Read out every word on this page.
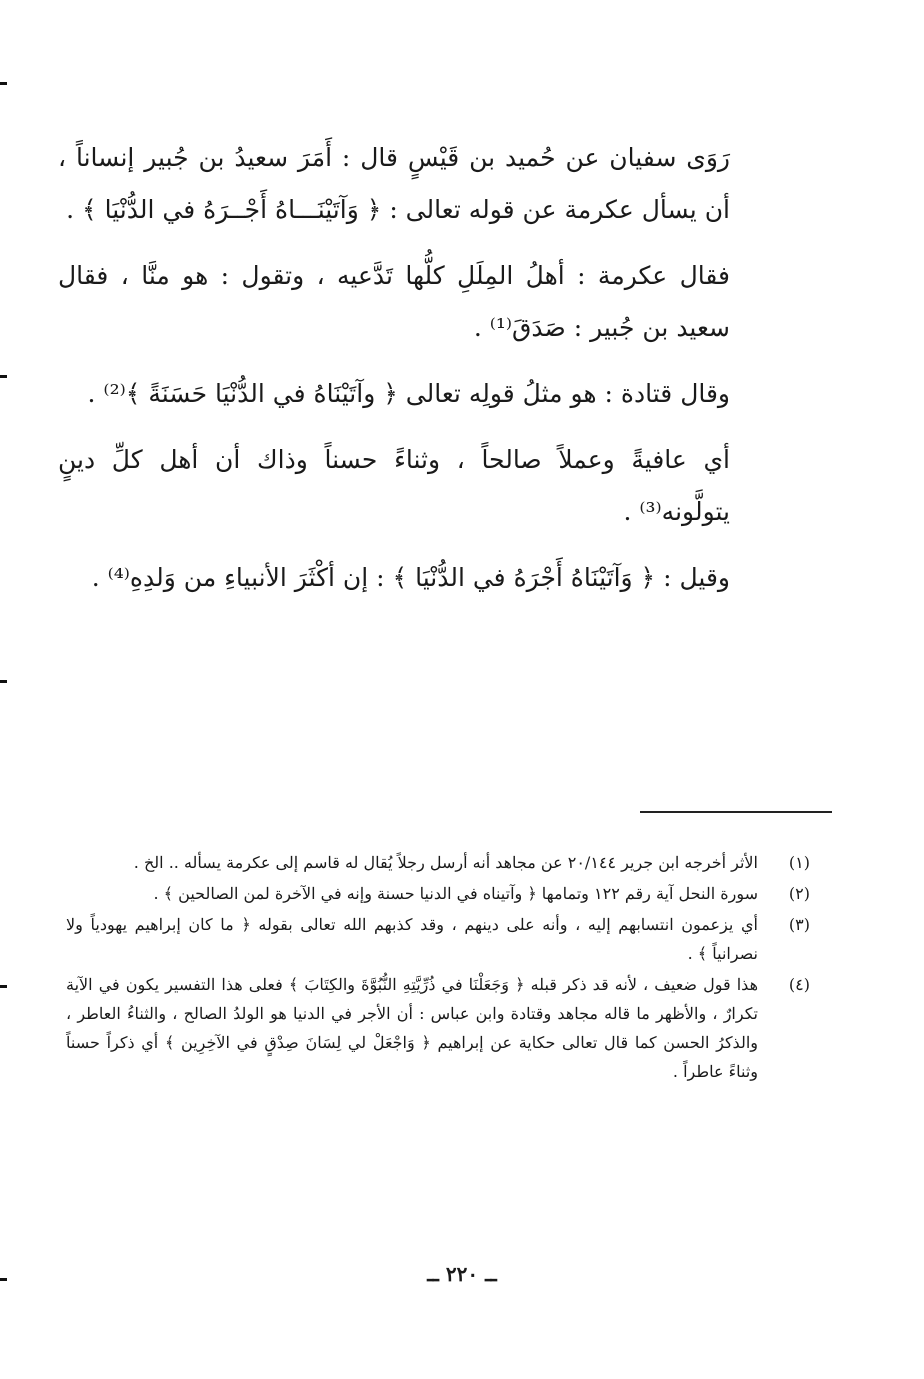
رَوَى سفيان عن حُميد بن قَيْسٍ قال : أَمَرَ سعيدُ بن جُبير إنساناً ، أن يسأل عكرمة عن قوله تعالى : ﴿ وَآتَيْنَـــاهُ أَجْــرَهُ في الدُّنْيَا ﴾ .

فقال عكرمة : أهلُ المِلَلِ كلُّها تَدَّعيه ، وتقول : هو منَّا ، فقال سعيد بن جُبير : صَدَقَ⁽¹⁾ .

وقال قتادة : هو مثلُ قولِه تعالى ﴿ وآتَيْنَاهُ في الدُّنْيَا حَسَنَةً ﴾⁽²⁾ .

أي عافيةً وعملاً صالحاً ، وثناءً حسناً وذاك أن أهل كلِّ دينٍ يتولَّونه⁽³⁾ .

وقيل : ﴿ وَآتَيْنَاهُ أَجْرَهُ في الدُّنْيَا ﴾ : إن أكْثَرَ الأنبياءِ من وَلدِهِ⁽⁴⁾ .

(١)
الأثر أخرجه ابن جرير ٢٠/١٤٤ عن مجاهد أنه أرسل رجلاً يُقال له قاسم إلى عكرمة يسأله .. الخ .
(٢)
سورة النحل آية رقم ١٢٢ وتمامها ﴿ وآتيناه في الدنيا حسنة وإنه في الآخرة لمن الصالحين ﴾ .
(٣)
أي يزعمون انتسابهم إليه ، وأنه على دينهم ، وقد كذبهم الله تعالى بقوله ﴿ ما كان إبراهيم يهودياً ولا نصرانياً ﴾ .
(٤)
هذا قول ضعيف ، لأنه قد ذكر قبله ﴿ وَجَعَلْنَا في ذُرِّيَّتِهِ النُّبُوَّةَ والكِتَابَ ﴾ فعلى هذا التفسير يكون في الآية تكرارٌ ، والأظهر ما قاله مجاهد وقتادة وابن عباس : أن الأجر في الدنيا هو الولدُ الصالح ، والثناءُ العاطر ، والذكرُ الحسن كما قال تعالى حكاية عن إبراهيم ﴿ وَاجْعَلْ لي لِسَانَ صِدْقٍ في الآخِرِين ﴾ أي ذكراً حسناً وثناءً عاطراً .
ــ ٢٢٠ ــ
